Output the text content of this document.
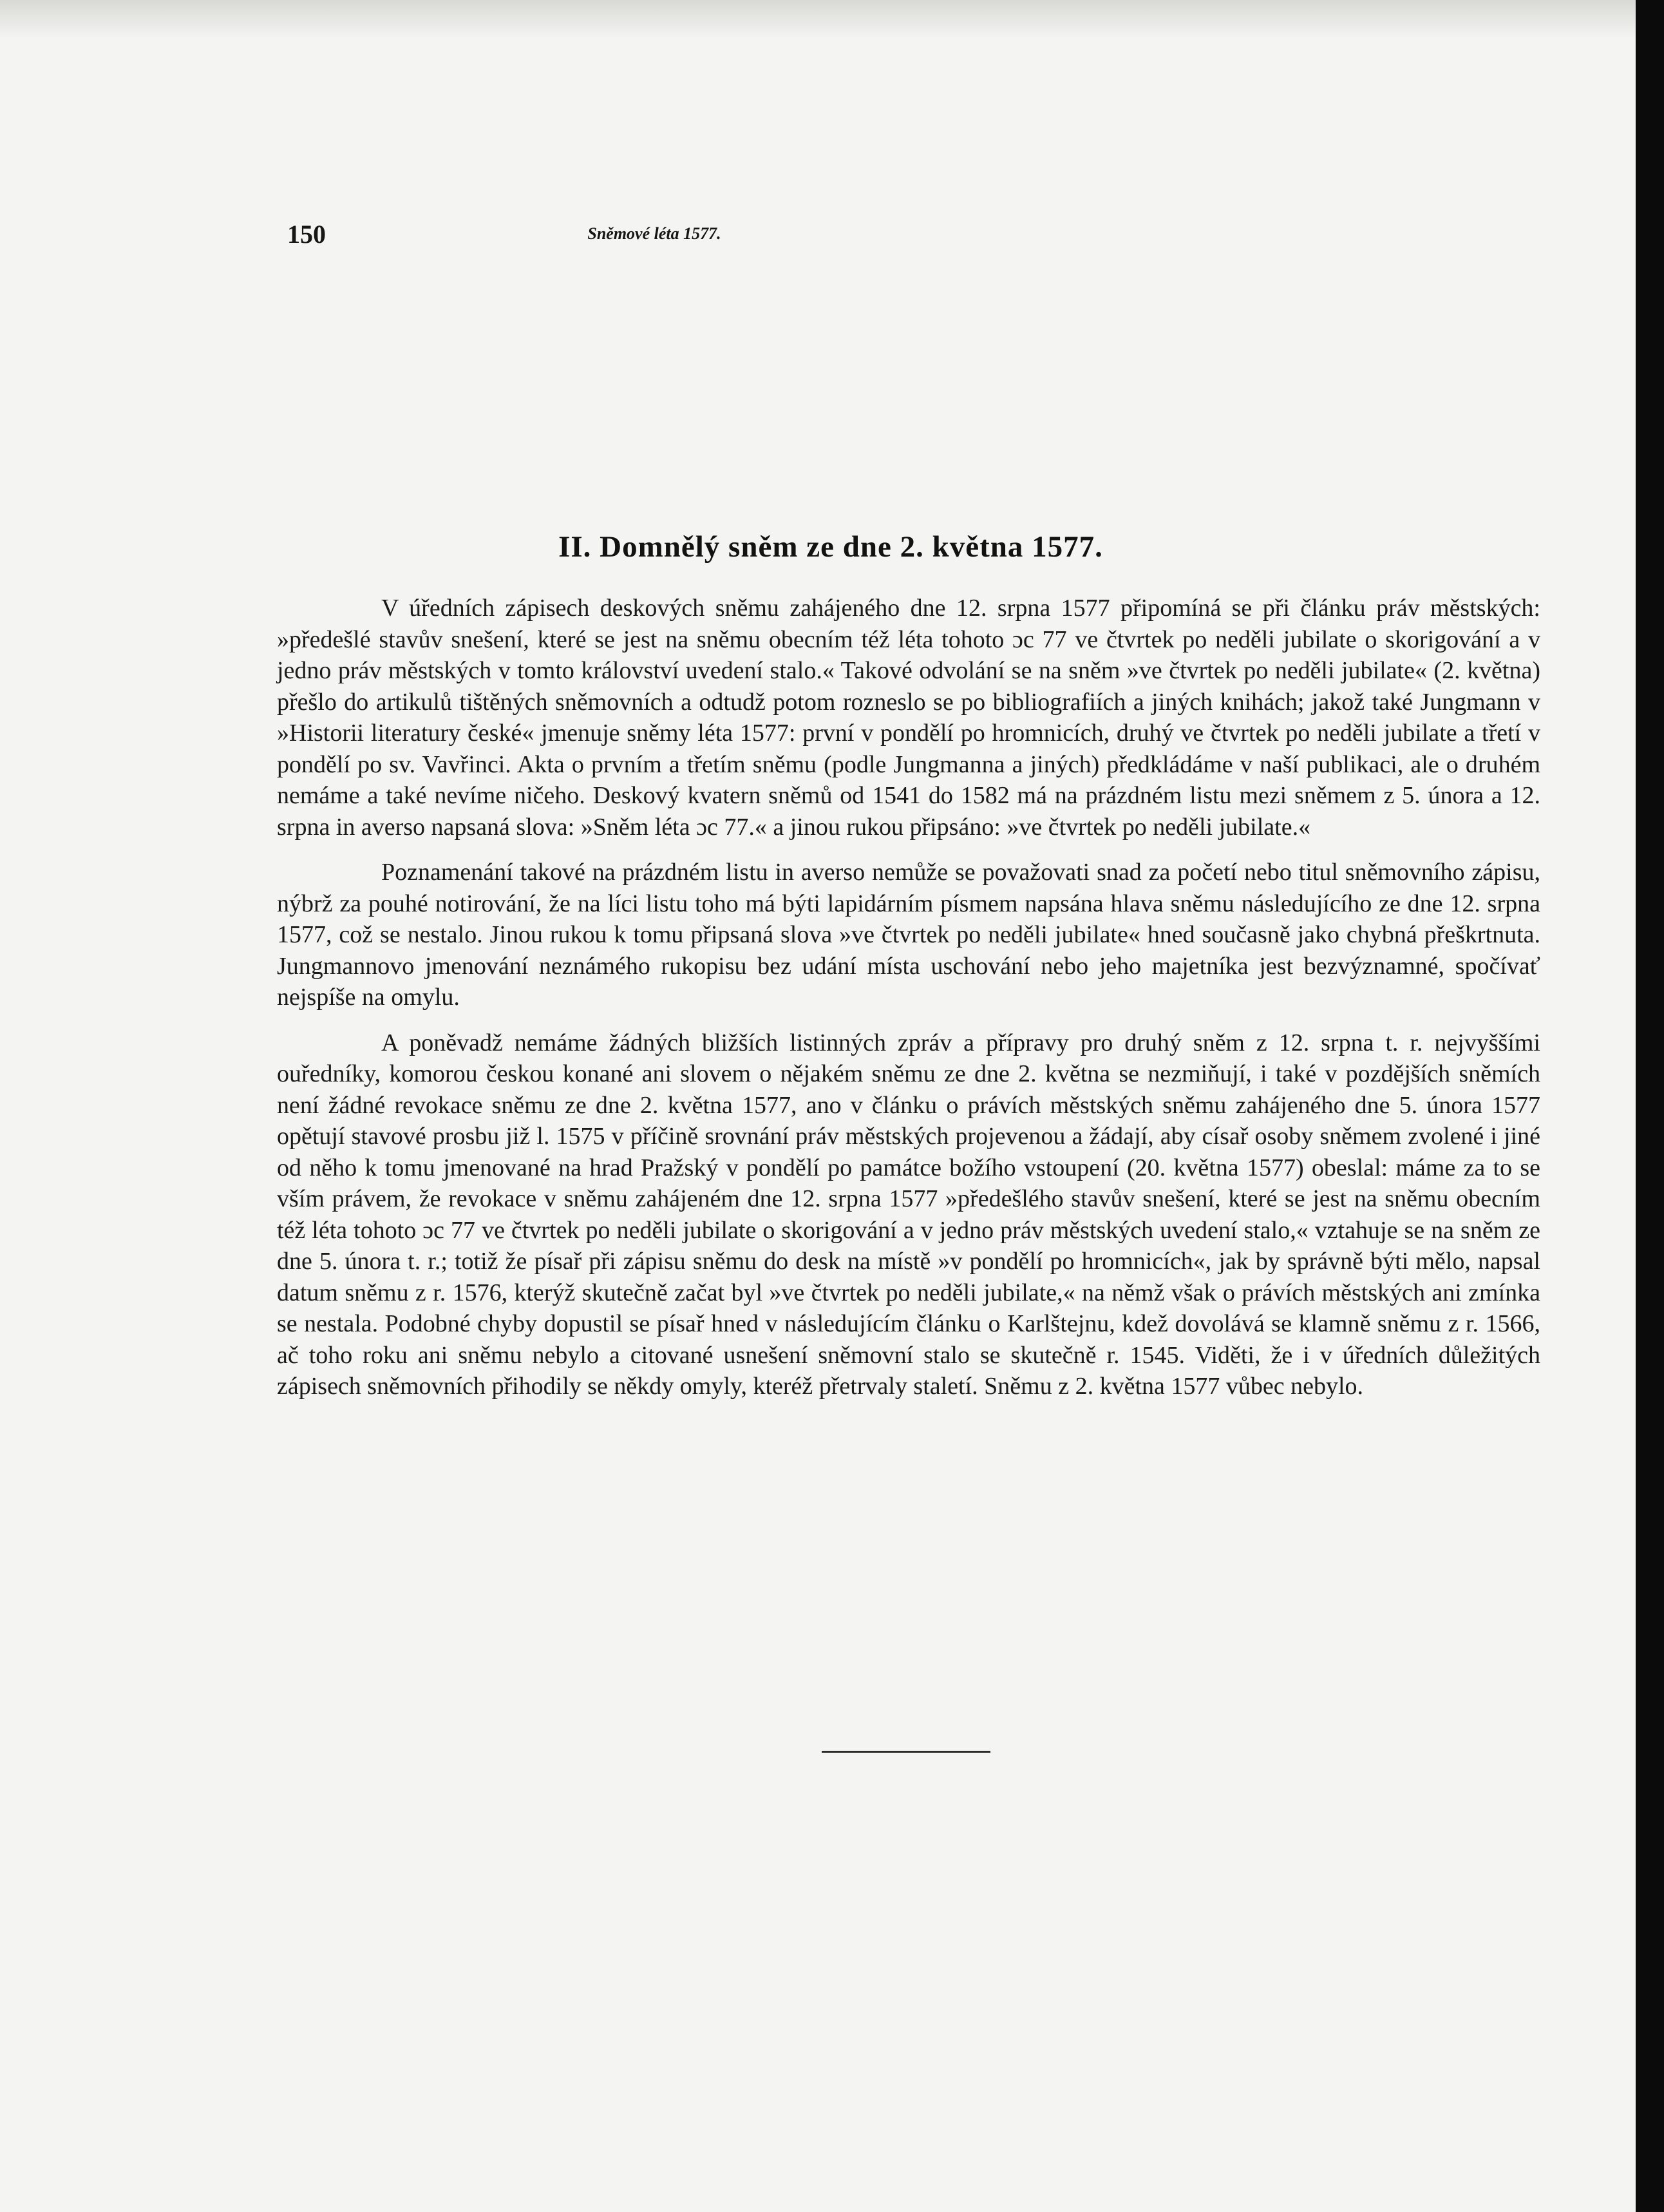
150	Sněmové léta 1577.
II. Domnělý sněm ze dne 2. května 1577.

V úředních zápisech deskových sněmu zahájeného dne 12. srpna 1577 připomíná se při článku práv městských: »předešlé stavův snešení, které se jest na sněmu obecním též léta tohoto ɔc 77 ve čtvrtek po neděli jubilate o skorigování a v jedno práv městských v tomto království uvedení stalo.« Takové odvolání se na sněm »ve čtvrtek po neděli jubilate« (2. května) přešlo do artikulů tištěných sněmovních a odtudž potom rozneslo se po bibliografiích a jiných knihách; jakož také Jungmann v »Historii literatury české« jmenuje sněmy léta 1577: první v pondělí po hromnicích, druhý ve čtvrtek po neděli jubilate a třetí v pondělí po sv. Vavřinci. Akta o prvním a třetím sněmu (podle Jungmanna a jiných) předkládáme v naší publikaci, ale o druhém nemáme a také nevíme ničeho. Deskový kvatern sněmů od 1541 do 1582 má na prázdném listu mezi sněmem z 5. února a 12. srpna in averso napsaná slova: »Sněm léta ɔc 77.« a jinou rukou připsáno: »ve čtvrtek po neděli jubilate.«

Poznamenání takové na prázdném listu in averso nemůže se považovati snad za počet͏í nebo titul sněmovního zápisu, nýbrž za pouhé notirování, že na líci listu toho má býti lapidárním písmem napsána hlava sněmu následujícího ze dne 12. srpna 1577, což se nestalo. Jinou rukou k tomu připsaná slova »ve čtvrtek po neděli jubilate« hned současně jako chybná přeškrtnuta. Jungmannovo jmenování neznámého rukopisu bez udání místa uschování nebo jeho majetníka jest bezvýznamné, spočívať nejspíše na omylu.

A poněvadž nemáme žádných bližších listinných zpráv a přípravy pro druhý sněm z 12. srpna t. r. nejvyššími ouředníky, komorou českou konané ani slovem o nějakém sněmu ze dne 2. května se nezmiňují, i také v pozdějších sněmích není žádné revokace sněmu ze dne 2. května 1577, ano v článku o právích městských sněmu zahájeného dne 5. února 1577 opětují stavové prosbu již l. 1575 v příčině srovnání práv městských projevenou a žádají, aby císař osoby sněmem zvolené i jiné od něho k tomu jmenované na hrad Pražský v pondělí po památce božího vstoupení (20. května 1577) obeslal: máme za to se vším právem, že revokace v sněmu zahájeném dne 12. srpna 1577 »předešlého stavův snešení, které se jest na sněmu obecním též léta tohoto ɔc 77 ve čtvrtek po neděli jubilate o skorigování a v jedno práv městských uvedení stalo,« vztahuje se na sněm ze dne 5. února t. r.; totiž že písař při zápisu sněmu do desk na místě »v pondělí po hromnicích«, jak by správně býti mělo, napsal datum sněmu z r. 1576, kterýž skutečně začat byl »ve čtvrtek po neděli jubilate,« na němž však o právích městských ani zmínka se nestala. Podobné chyby dopustil se písař hned v následujícím článku o Karlštejnu, kdež dovolává se klamně sněmu z r. 1566, ač toho roku ani sněmu nebylo a citované usnešení sněmovní stalo se skutečně r. 1545. Viděti, že i v úředních důležitých zápisech sněmovních přihodily se někdy omyly, kteréž přetrvaly staletí. Sněmu z 2. května 1577 vůbec nebylo.
